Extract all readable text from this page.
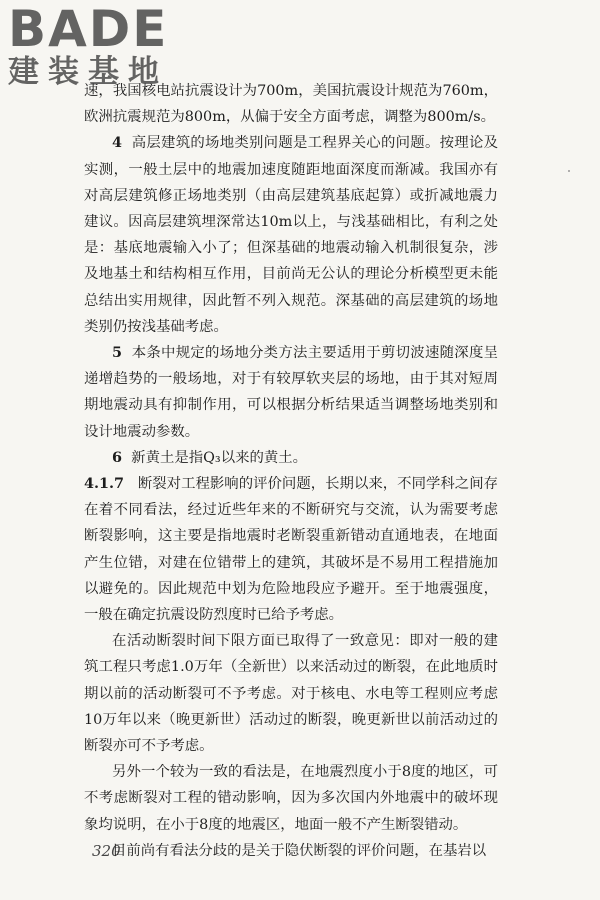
BADE
建装基地

速，我国核电站抗震设计为700m，美国抗震设计规范为760m，欧洲抗震规范为800m，从偏于安全方面考虑，调整为800m/s。

4 高层建筑的场地类别问题是工程界关心的问题。按理论及实测，一般土层中的地震加速度随距地面深度而渐减。我国亦有对高层建筑修正场地类别（由高层建筑基底起算）或折减地震力建议。因高层建筑埋深常达10m以上，与浅基础相比，有利之处是：基底地震输入小了；但深基础的地震动输入机制很复杂，涉及地基土和结构相互作用，目前尚无公认的理论分析模型更未能总结出实用规律，因此暂不列入规范。深基础的高层建筑的场地类别仍按浅基础考虑。

5 本条中规定的场地分类方法主要适用于剪切波速随深度呈递增趋势的一般场地，对于有较厚软夹层的场地，由于其对短周期地震动具有抑制作用，可以根据分析结果适当调整场地类别和设计地震动参数。

6 新黄土是指Q₃以来的黄土。

4.1.7 断裂对工程影响的评价问题，长期以来，不同学科之间存在着不同看法，经过近些年来的不断研究与交流，认为需要考虑断裂影响，这主要是指地震时老断裂重新错动直通地表，在地面产生位错，对建在位错带上的建筑，其破坏是不易用工程措施加以避免的。因此规范中划为危险地段应予避开。至于地震强度，一般在确定抗震设防烈度时已给予考虑。

在活动断裂时间下限方面已取得了一致意见：即对一般的建筑工程只考虑1.0万年（全新世）以来活动过的断裂，在此地质时期以前的活动断裂可不予考虑。对于核电、水电等工程则应考虑10万年以来（晚更新世）活动过的断裂，晚更新世以前活动过的断裂亦可不予考虑。

另外一个较为一致的看法是，在地震烈度小于8度的地区，可不考虑断裂对工程的错动影响，因为多次国内外地震中的破坏现象均说明，在小于8度的地震区，地面一般不产生断裂错动。

目前尚有看法分歧的是关于隐伏断裂的评价问题，在基岩以

320
